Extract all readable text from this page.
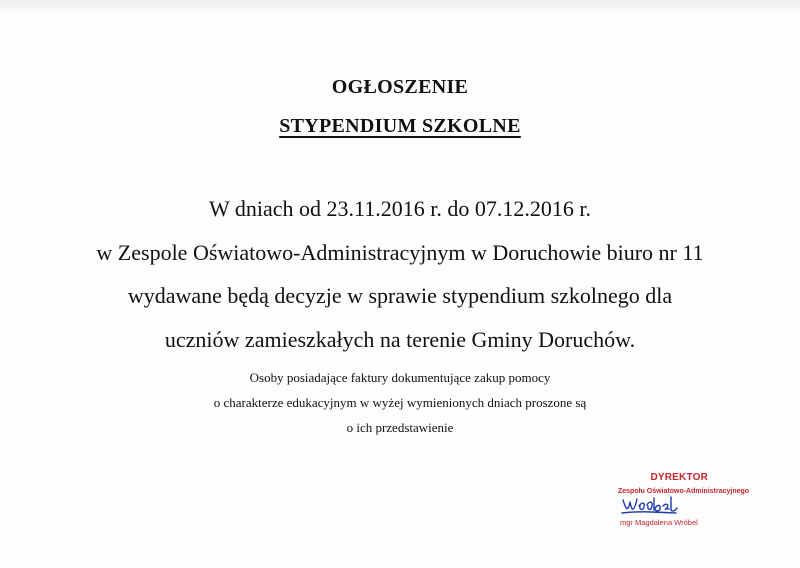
OGŁOSZENIE
STYPENDIUM SZKOLNE
W dniach od 23.11.2016 r. do 07.12.2016 r.
w Zespole Oświatowo-Administracyjnym w Doruchowie biuro nr 11
wydawane będą decyzje w sprawie stypendium szkolnego dla
uczniów zamieszkałych na terenie Gminy Doruchów.
Osoby posiadające faktury dokumentujące zakup pomocy
o charakterze edukacyjnym w wyżej wymienionych dniach proszone są
o ich przedstawienie
DYREKTOR
Zespołu Oświatowo-Administracyjnego
mgr Magdalena Wróbel
